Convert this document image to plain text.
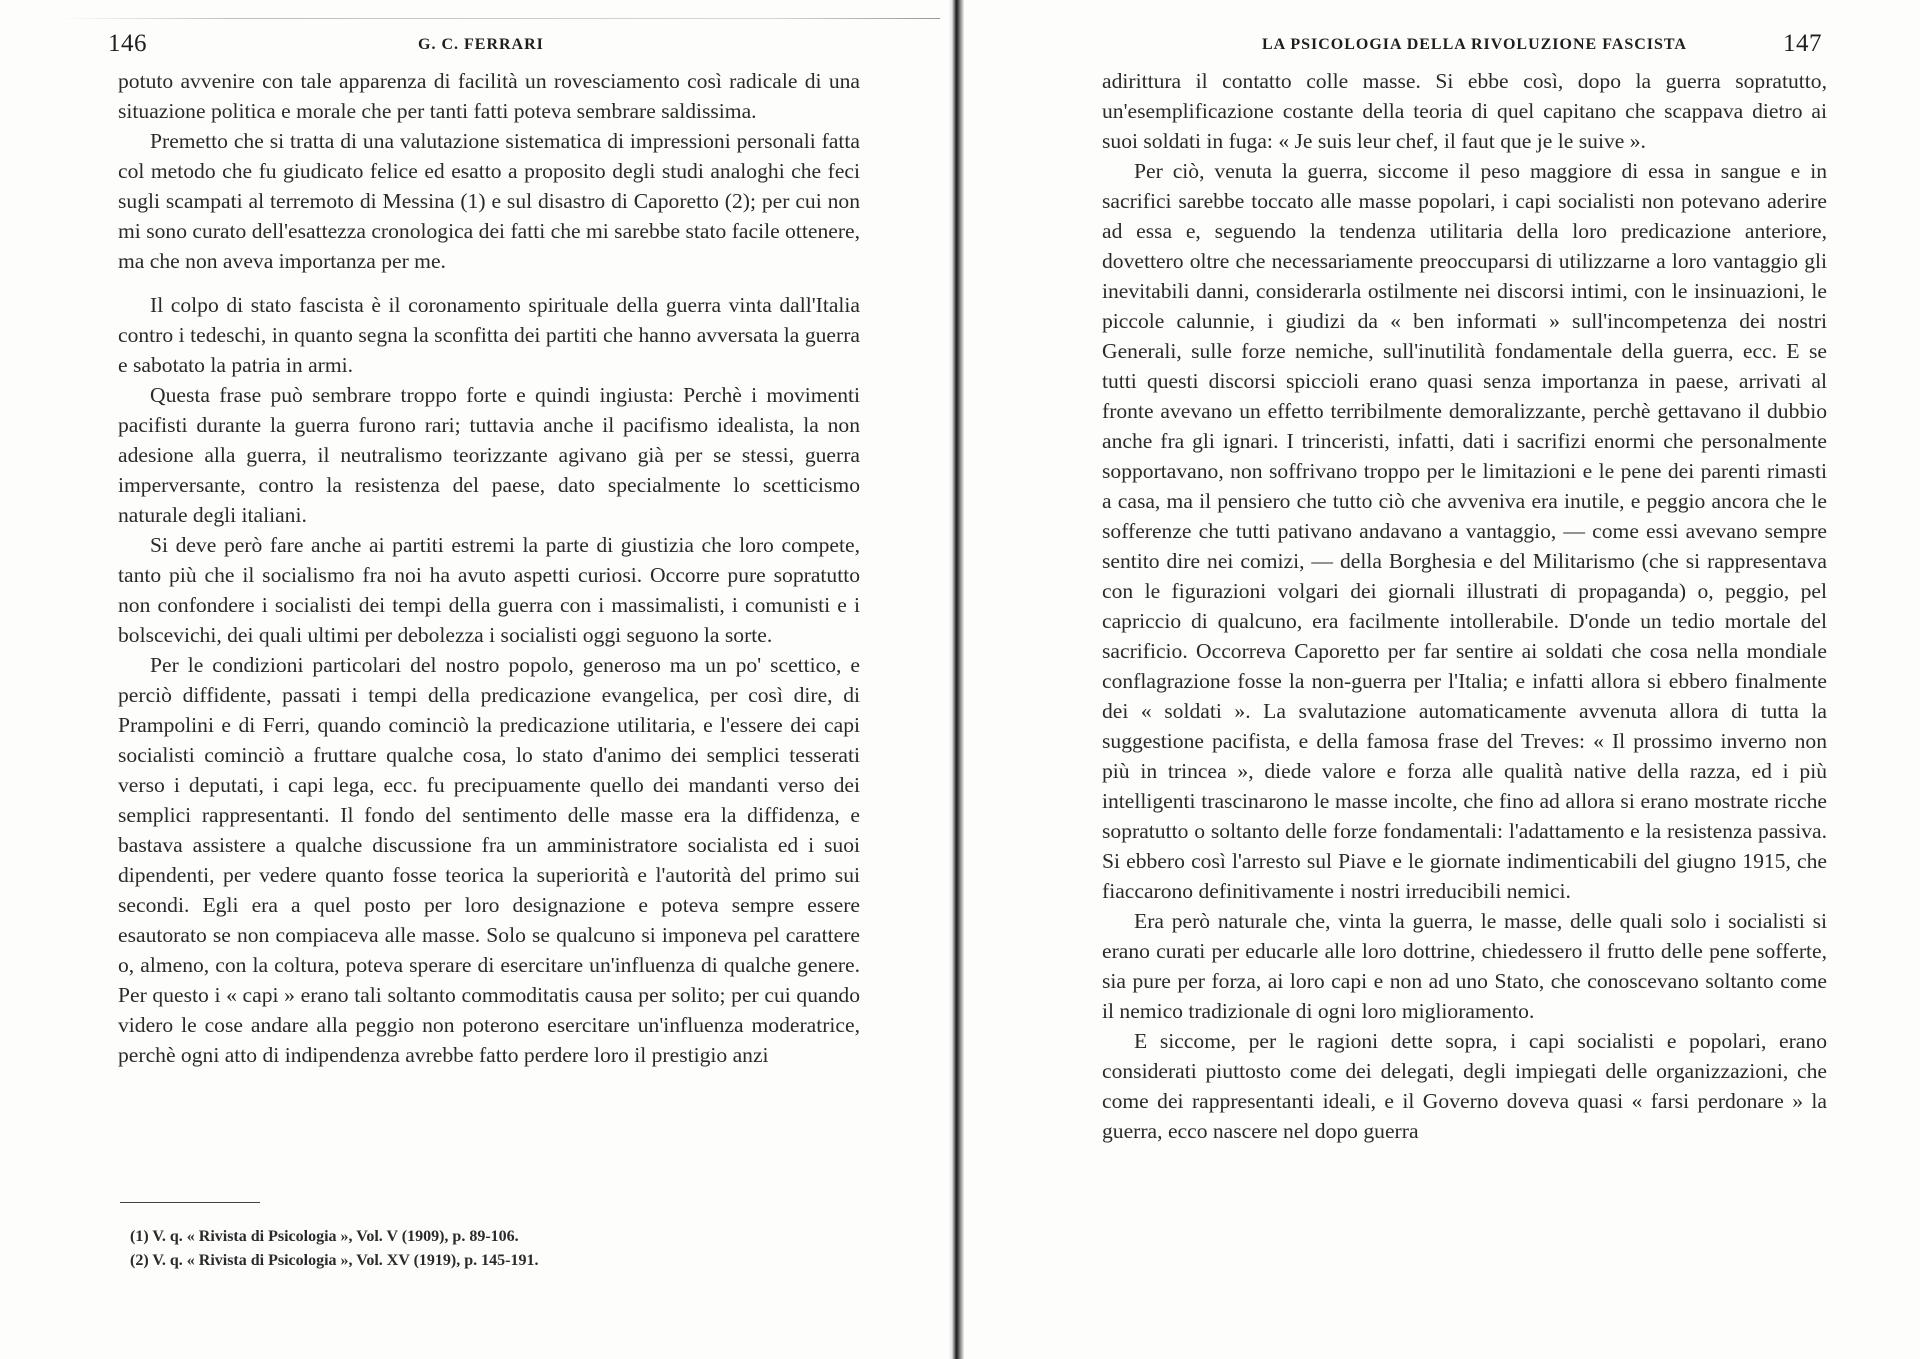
146	G. C. FERRARI

potuto avvenire con tale apparenza di facilità un rovesciamento così radicale di una situazione politica e morale che per tanti fatti poteva sembrare saldissima.

Premetto che si tratta di una valutazione sistematica di impressioni personali fatta col metodo che fu giudicato felice ed esatto a proposito degli studi analoghi che feci sugli scampati al terremoto di Messina (1) e sul disastro di Caporetto (2); per cui non mi sono curato dell'esattezza cronologica dei fatti che mi sarebbe stato facile ottenere, ma che non aveva importanza per me.

Il colpo di stato fascista è il coronamento spirituale della guerra vinta dall'Italia contro i tedeschi, in quanto segna la sconfitta dei partiti che hanno avversata la guerra e sabotato la patria in armi.

Questa frase può sembrare troppo forte e quindi ingiusta: Perchè i movimenti pacifisti durante la guerra furono rari; tuttavia anche il pacifismo idealista, la non adesione alla guerra, il neutralismo teorizzante agivano già per se stessi, guerra imperversante, contro la resistenza del paese, dato specialmente lo scetticismo naturale degli italiani.

Si deve però fare anche ai partiti estremi la parte di giustizia che loro compete, tanto più che il socialismo fra noi ha avuto aspetti curiosi. Occorre pure sopratutto non confondere i socialisti dei tempi della guerra con i massimalisti, i comunisti e i bolscevichi, dei quali ultimi per debolezza i socialisti oggi seguono la sorte.

Per le condizioni particolari del nostro popolo, generoso ma un po' scettico, e perciò diffidente, passati i tempi della predicazione evangelica, per così dire, di Prampolini e di Ferri, quando cominciò la predicazione utilitaria, e l'essere dei capi socialisti cominciò a fruttare qualche cosa, lo stato d'animo dei semplici tesserati verso i deputati, i capi lega, ecc. fu precipuamente quello dei mandanti verso dei semplici rappresentanti. Il fondo del sentimento delle masse era la diffidenza, e bastava assistere a qualche discussione fra un amministratore socialista ed i suoi dipendenti, per vedere quanto fosse teorica la superiorità e l'autorità del primo sui secondi. Egli era a quel posto per loro designazione e poteva sempre essere esautorato se non compiaceva alle masse. Solo se qualcuno si imponeva pel carattere o, almeno, con la coltura, poteva sperare di esercitare un'influenza di qualche genere. Per questo i « capi » erano tali soltanto commoditatis causa per solito; per cui quando videro le cose andare alla peggio non poterono esercitare un'influenza moderatrice, perchè ogni atto di indipendenza avrebbe fatto perdere loro il prestigio anzi

(1) V. q. « Rivista di Psicologia », Vol. V (1909), p. 89-106.
(2) V. q. « Rivista di Psicologia », Vol. XV (1919), p. 145-191.
LA PSICOLOGIA DELLA RIVOLUZIONE FASCISTA	147

adirittura il contatto colle masse. Si ebbe così, dopo la guerra sopratutto, un'esemplificazione costante della teoria di quel capitano che scappava dietro ai suoi soldati in fuga: « Je suis leur chef, il faut que je le suive ».

Per ciò, venuta la guerra, siccome il peso maggiore di essa in sangue e in sacrifici sarebbe toccato alle masse popolari, i capi socialisti non potevano aderire ad essa e, seguendo la tendenza utilitaria della loro predicazione anteriore, dovettero oltre che necessariamente preoccuparsi di utilizzarne a loro vantaggio gli inevitabili danni, considerarla ostilmente nei discorsi intimi, con le insinuazioni, le piccole calunnie, i giudizi da « ben informati » sull'incompetenza dei nostri Generali, sulle forze nemiche, sull'inutilità fondamentale della guerra, ecc. E se tutti questi discorsi spiccioli erano quasi senza importanza in paese, arrivati al fronte avevano un effetto terribilmente demoralizzante, perchè gettavano il dubbio anche fra gli ignari. I trinceristi, infatti, dati i sacrifizi enormi che personalmente sopportavano, non soffrivano troppo per le limitazioni e le pene dei parenti rimasti a casa, ma il pensiero che tutto ciò che avveniva era inutile, e peggio ancora che le sofferenze che tutti pativano andavano a vantaggio, — come essi avevano sempre sentito dire nei comizi, — della Borghesia e del Militarismo (che si rappresentava con le figurazioni volgari dei giornali illustrati di propaganda) o, peggio, pel capriccio di qualcuno, era facilmente intollerabile. D'onde un tedio mortale del sacrificio. Occorreva Caporetto per far sentire ai soldati che cosa nella mondiale conflagrazione fosse la non-guerra per l'Italia; e infatti allora si ebbero finalmente dei « soldati ». La svalutazione automaticamente avvenuta allora di tutta la suggestione pacifista, e della famosa frase del Treves: « Il prossimo inverno non più in trincea », diede valore e forza alle qualità native della razza, ed i più intelligenti trascinarono le masse incolte, che fino ad allora si erano mostrate ricche sopratutto o soltanto delle forze fondamentali: l'adattamento e la resistenza passiva. Si ebbero così l'arresto sul Piave e le giornate indimenticabili del giugno 1915, che fiaccarono definitivamente i nostri irreducibili nemici.

Era però naturale che, vinta la guerra, le masse, delle quali solo i socialisti si erano curati per educarle alle loro dottrine, chiedessero il frutto delle pene sofferte, sia pure per forza, ai loro capi e non ad uno Stato, che conoscevano soltanto come il nemico tradizionale di ogni loro miglioramento.

E siccome, per le ragioni dette sopra, i capi socialisti e popolari, erano considerati piuttosto come dei delegati, degli impiegati delle organizzazioni, che come dei rappresentanti ideali, e il Governo doveva quasi « farsi perdonare » la guerra, ecco nascere nel dopo guerra
